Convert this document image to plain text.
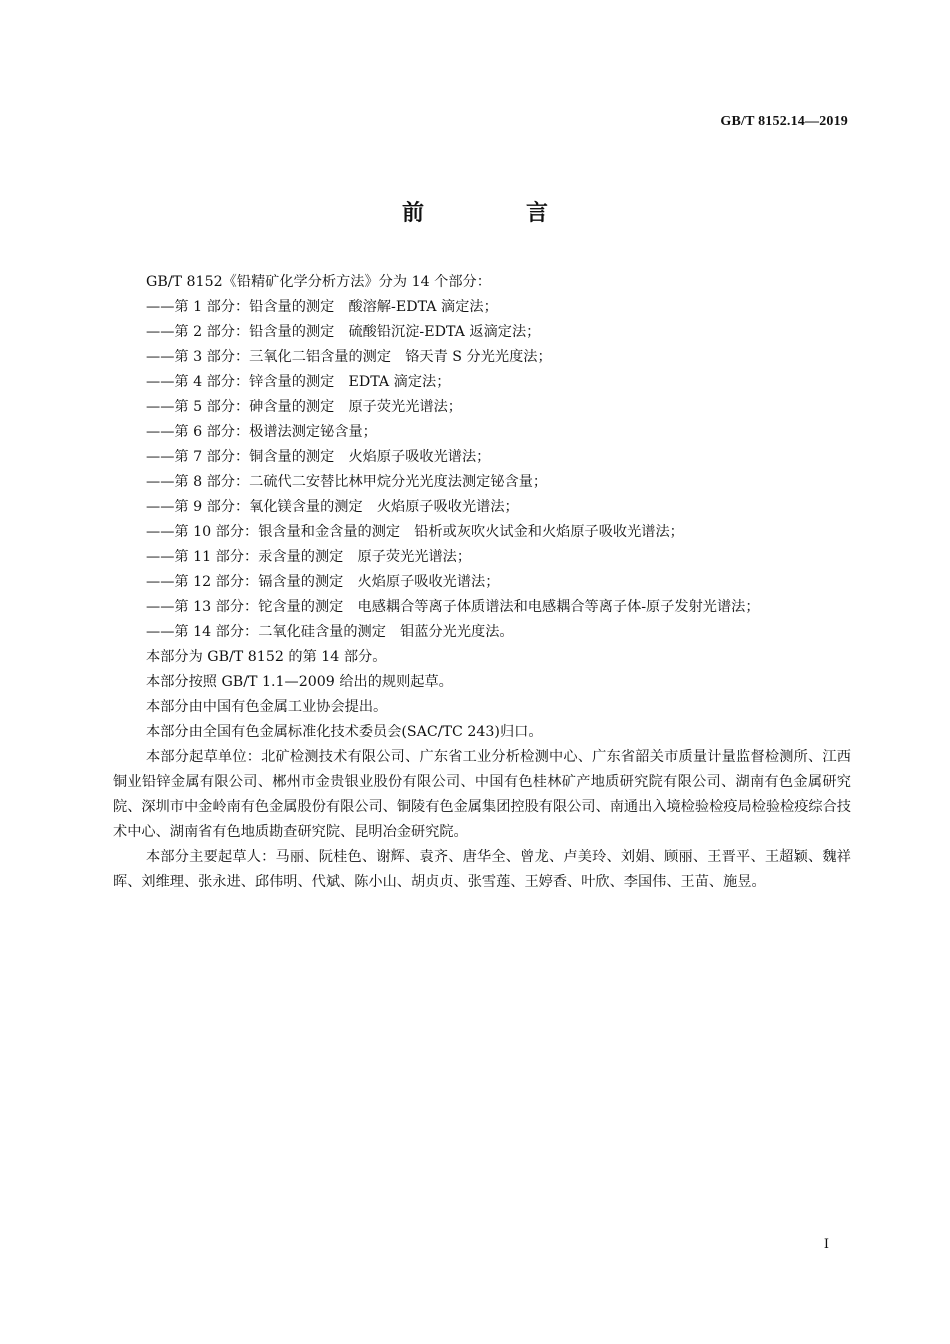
GB/T 8152.14—2019
前　言

GB/T 8152《铅精矿化学分析方法》分为 14 个部分：

——第 1 部分：铅含量的测定　酸溶解-EDTA 滴定法；

——第 2 部分：铅含量的测定　硫酸铅沉淀-EDTA 返滴定法；

——第 3 部分：三氧化二铝含量的测定　铬天青 S 分光光度法；

——第 4 部分：锌含量的测定　EDTA 滴定法；

——第 5 部分：砷含量的测定　原子荧光光谱法；

——第 6 部分：极谱法测定铋含量；

——第 7 部分：铜含量的测定　火焰原子吸收光谱法；

——第 8 部分：二硫代二安替比林甲烷分光光度法测定铋含量；

——第 9 部分：氧化镁含量的测定　火焰原子吸收光谱法；

——第 10 部分：银含量和金含量的测定　铅析或灰吹火试金和火焰原子吸收光谱法；

——第 11 部分：汞含量的测定　原子荧光光谱法；

——第 12 部分：镉含量的测定　火焰原子吸收光谱法；

——第 13 部分：铊含量的测定　电感耦合等离子体质谱法和电感耦合等离子体-原子发射光谱法；

——第 14 部分：二氧化硅含量的测定　钼蓝分光光度法。

本部分为 GB/T 8152 的第 14 部分。

本部分按照 GB/T 1.1—2009 给出的规则起草。

本部分由中国有色金属工业协会提出。

本部分由全国有色金属标准化技术委员会(SAC/TC 243)归口。

本部分起草单位：北矿检测技术有限公司、广东省工业分析检测中心、广东省韶关市质量计量监督检测所、江西铜业铅锌金属有限公司、郴州市金贵银业股份有限公司、中国有色桂林矿产地质研究院有限公司、湖南有色金属研究院、深圳市中金岭南有色金属股份有限公司、铜陵有色金属集团控股有限公司、南通出入境检验检疫局检验检疫综合技术中心、湖南省有色地质勘查研究院、昆明冶金研究院。

本部分主要起草人：马丽、阮桂色、谢辉、袁齐、唐华全、曾龙、卢美玲、刘娟、顾丽、王晋平、王超颖、魏祥晖、刘维理、张永进、邱伟明、代斌、陈小山、胡贞贞、张雪莲、王婷香、叶欣、李国伟、王苗、施昱。

I
